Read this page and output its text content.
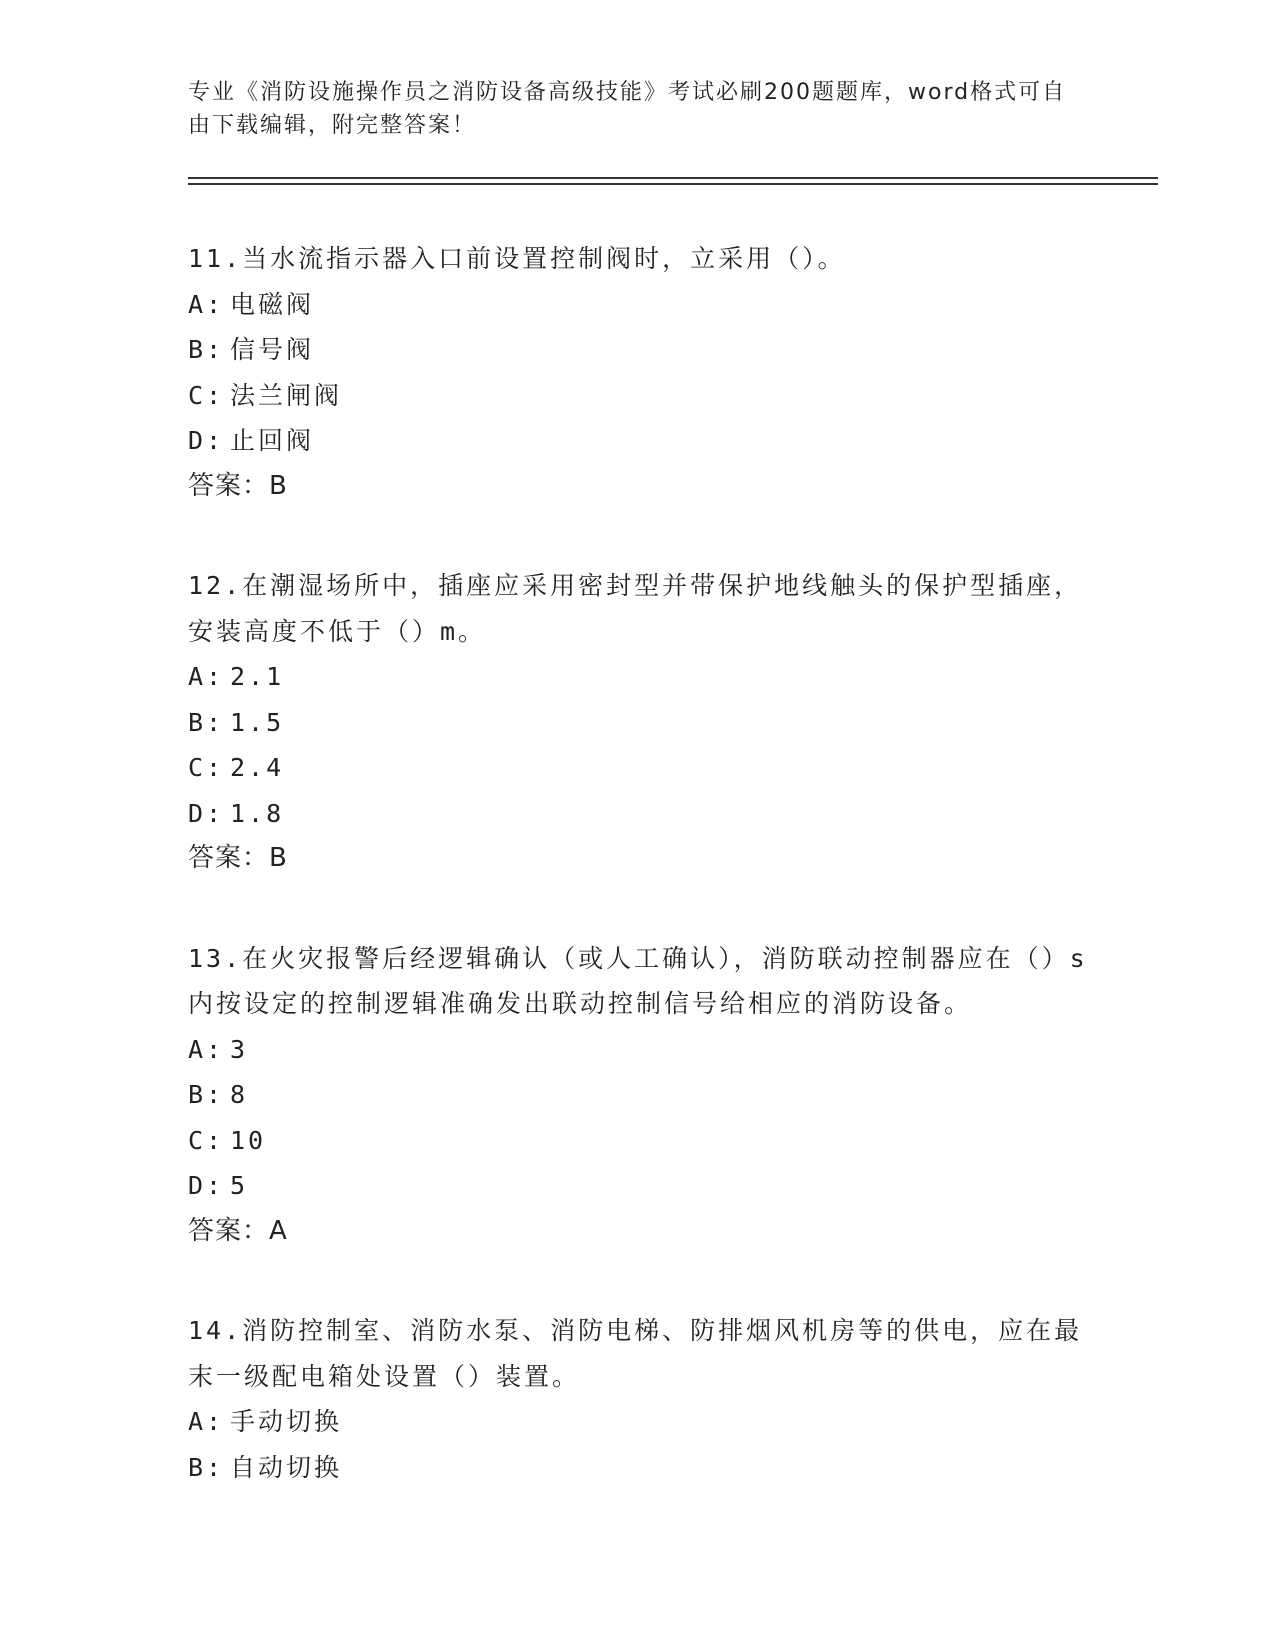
专业《消防设施操作员之消防设备高级技能》考试必刷200题题库，word格式可自由下载编辑，附完整答案！

11.当水流指示器入口前设置控制阀时，立采用（）。

A: 电磁阀

B: 信号阀

C: 法兰闸阀

D: 止回阀

答案：B

12.在潮湿场所中，插座应采用密封型并带保护地线触头的保护型插座，安装高度不低于（）m。

A: 2.1

B: 1.5

C: 2.4

D: 1.8

答案：B

13.在火灾报警后经逻辑确认（或人工确认），消防联动控制器应在（）s内按设定的控制逻辑准确发出联动控制信号给相应的消防设备。

A: 3

B: 8

C: 10

D: 5

答案：A

14.消防控制室、消防水泵、消防电梯、防排烟风机房等的供电，应在最末一级配电箱处设置（）装置。

A: 手动切换

B: 自动切换
